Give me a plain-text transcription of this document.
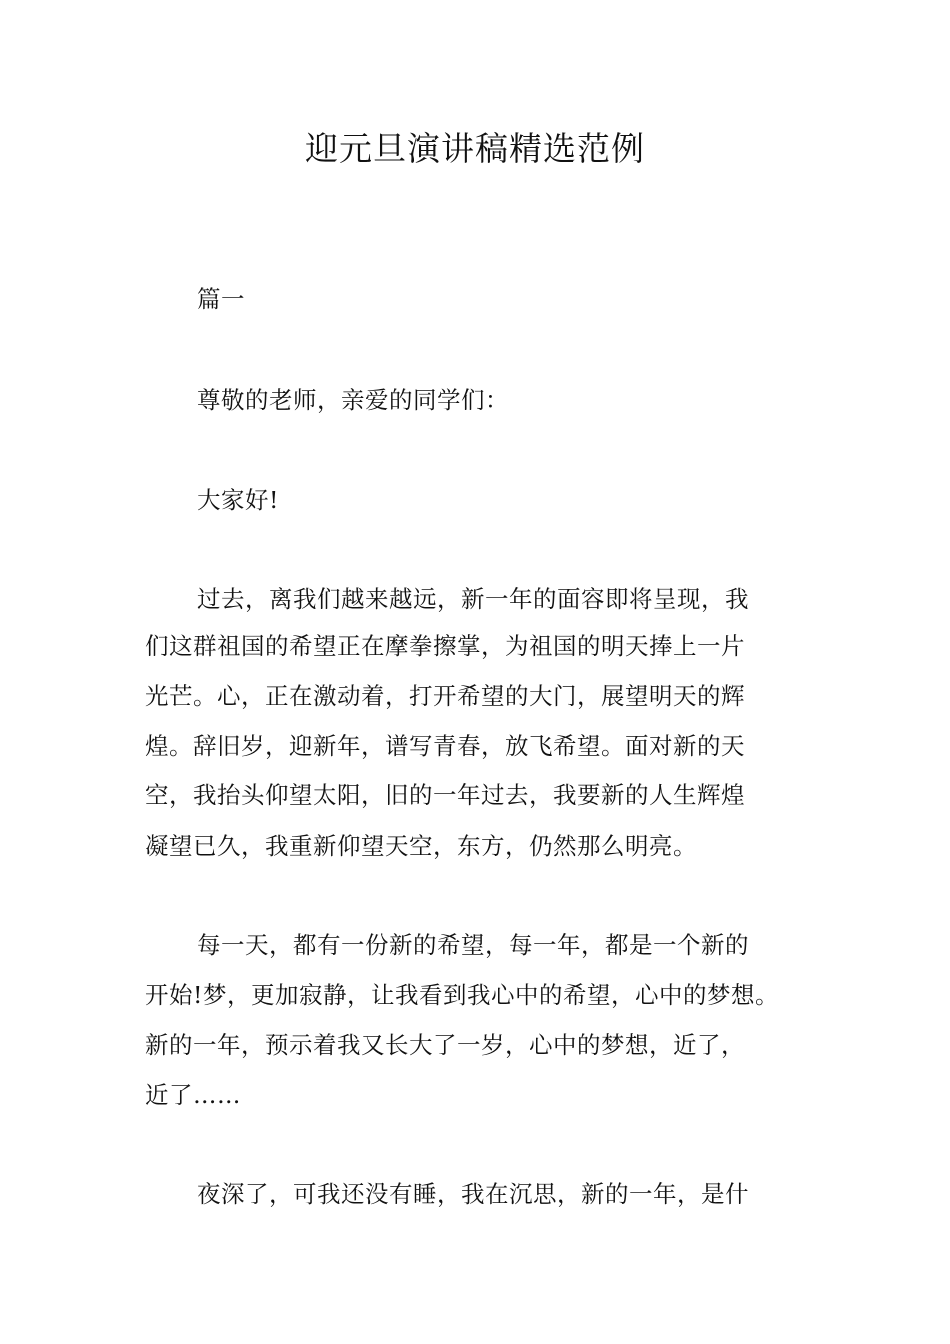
迎元旦演讲稿精选范例

篇一

尊敬的老师，亲爱的同学们：

大家好!

过去，离我们越来越远，新一年的面容即将呈现，我

们这群祖国的希望正在摩拳擦掌，为祖国的明天捧上一片

光芒。心，正在激动着，打开希望的大门，展望明天的辉

煌。辞旧岁，迎新年，谱写青春，放飞希望。面对新的天

空，我抬头仰望太阳，旧的一年过去，我要新的人生辉煌

凝望已久，我重新仰望天空，东方，仍然那么明亮。

每一天，都有一份新的希望，每一年，都是一个新的

开始!梦，更加寂静，让我看到我心中的希望，心中的梦想。

新的一年，预示着我又长大了一岁，心中的梦想，近了，

近了……

夜深了，可我还没有睡，我在沉思，新的一年，是什
